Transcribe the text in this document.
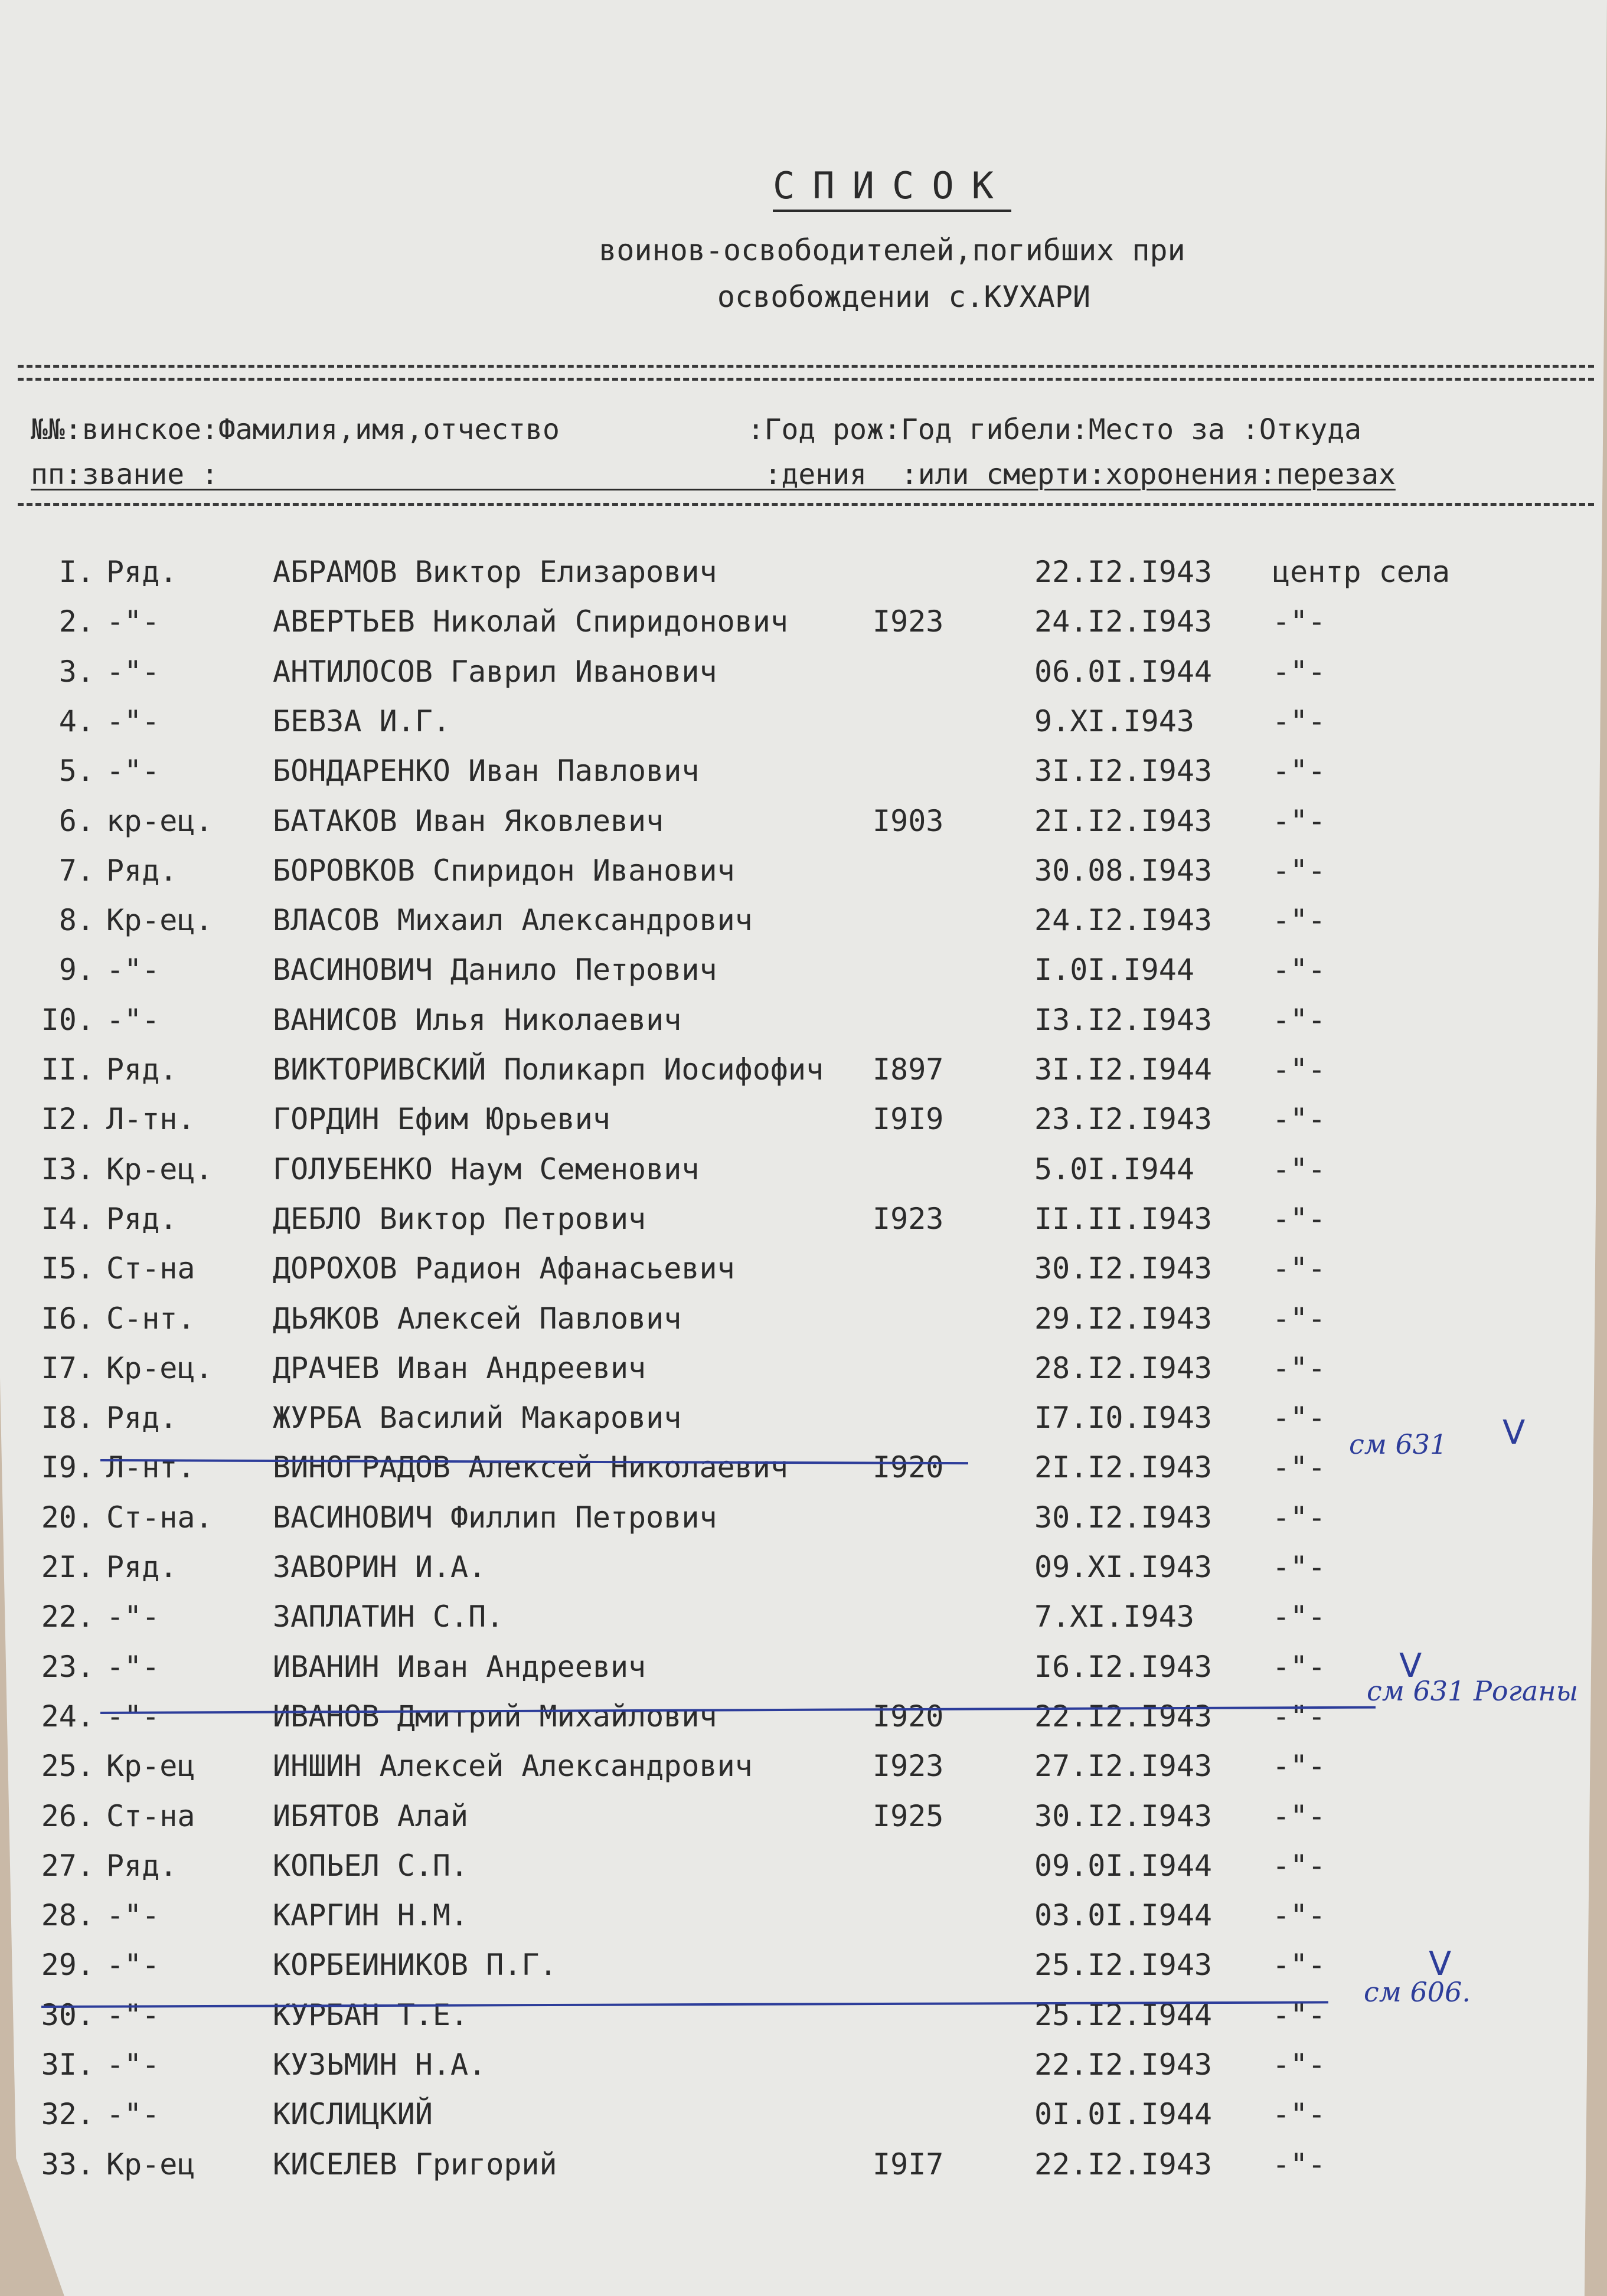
СПИСОК
воинов-освободителей,погибших при
освобождении с.КУХАРИ
№№:винское:Фамилия,имя,отчество           :Год рож:Год гибели:Место за :Откуда
пп:звание :                                :дения  :или смерти:хоронения:перезах
I. Ряд.	АБРАМОВ Виктор Елизарович	22.I2.I943 центр села
2. -"-	АВЕРТЬЕВ Николай Спиридонович	I923	24.I2.I943 -"-
3. -"-	АНТИЛОСОВ Гаврил Иванович	06.0I.I944 -"-
4. -"-	БЕВЗА И.Г.	9.XI.I943	-"-
5. -"-	БОНДАРЕНКО Иван Павлович	3I.I2.I943 -"-
6. кр-ец. БАТАКОВ Иван Яковлевич	I903	2I.I2.I943 -"-
7. Ряд.	БОРОВКОВ Спиридон Иванович	30.08.I943 -"-
8. Кр-ец. ВЛАСОВ Михаил Александрович	24.I2.I943 -"-
9. -"-	ВАСИНОВИЧ Данило Петрович	I.0I.I944	-"-
I0. -"-	ВАНИСОВ Илья Николаевич	I3.I2.I943 -"-
II. Ряд.	ВИКТОРИВСКИЙ Поликарп Иосифофич I897	3I.I2.I944 -"-
I2. Л-тн.	ГОРДИН Ефим Юрьевич	I9I9	23.I2.I943 -"-
I3. Кр-ец. ГОЛУБЕНКО Наум Семенович	5.0I.I944	-"-
I4. Ряд.	ДЕБЛО Виктор Петрович	I923	II.II.I943 -"-
I5. Ст-на	ДОРОХОВ Радион Афанасьевич	30.I2.I943 -"-
I6. С-нт.	ДЬЯКОВ Алексей Павлович	29.I2.I943 -"-
I7. Кр-ец. ДРАЧЕВ Иван Андреевич	28.I2.I943 -"-
I8. Ряд.	ЖУРБА Василий Макарович	I7.I0.I943 -"-
I9. Л-нт.	ВИНОГРАДОВ Алексей Николаевич	I920	2I.I2.I943 -"-
20. Ст-на. ВАСИНОВИЧ Филлип Петрович	30.I2.I943 -"-
2I. Ряд.	ЗАВОРИН И.А.	09.XI.I943 -"-
22. -"-	ЗАПЛАТИН С.П.	7.XI.I943	-"-
23. -"-	ИВАНИН Иван Андреевич	I6.I2.I943 -"-
24. -"-	ИВАНОВ Дмитрий Михайлович	I920	22.I2.I943 -"-
25. Кр-ец	ИНШИН Алексей Александрович	I923	27.I2.I943 -"-
26. Ст-на	ИБЯТОВ Алай	I925	30.I2.I943 -"-
27. Ряд.	КОПЬЕЛ С.П.	09.0I.I944 -"-
28. -"-	КАРГИН Н.М.	03.0I.I944 -"-
29. -"-	КОРБЕИНИКОВ П.Г.	25.I2.I943 -"-
30. -"-	КУРБАН Т.Е.	25.I2.I944 -"-
3I. -"-	КУЗЬМИН Н.А.	22.I2.I943 -"-
32. -"-	КИСЛИЦКИЙ	0I.0I.I944 -"-
33. Кр-ец	КИСЕЛЕВ Григорий	I9I7	22.I2.I943 -"-
см 631 V
см 631 Роганы
V
см 606.
V
